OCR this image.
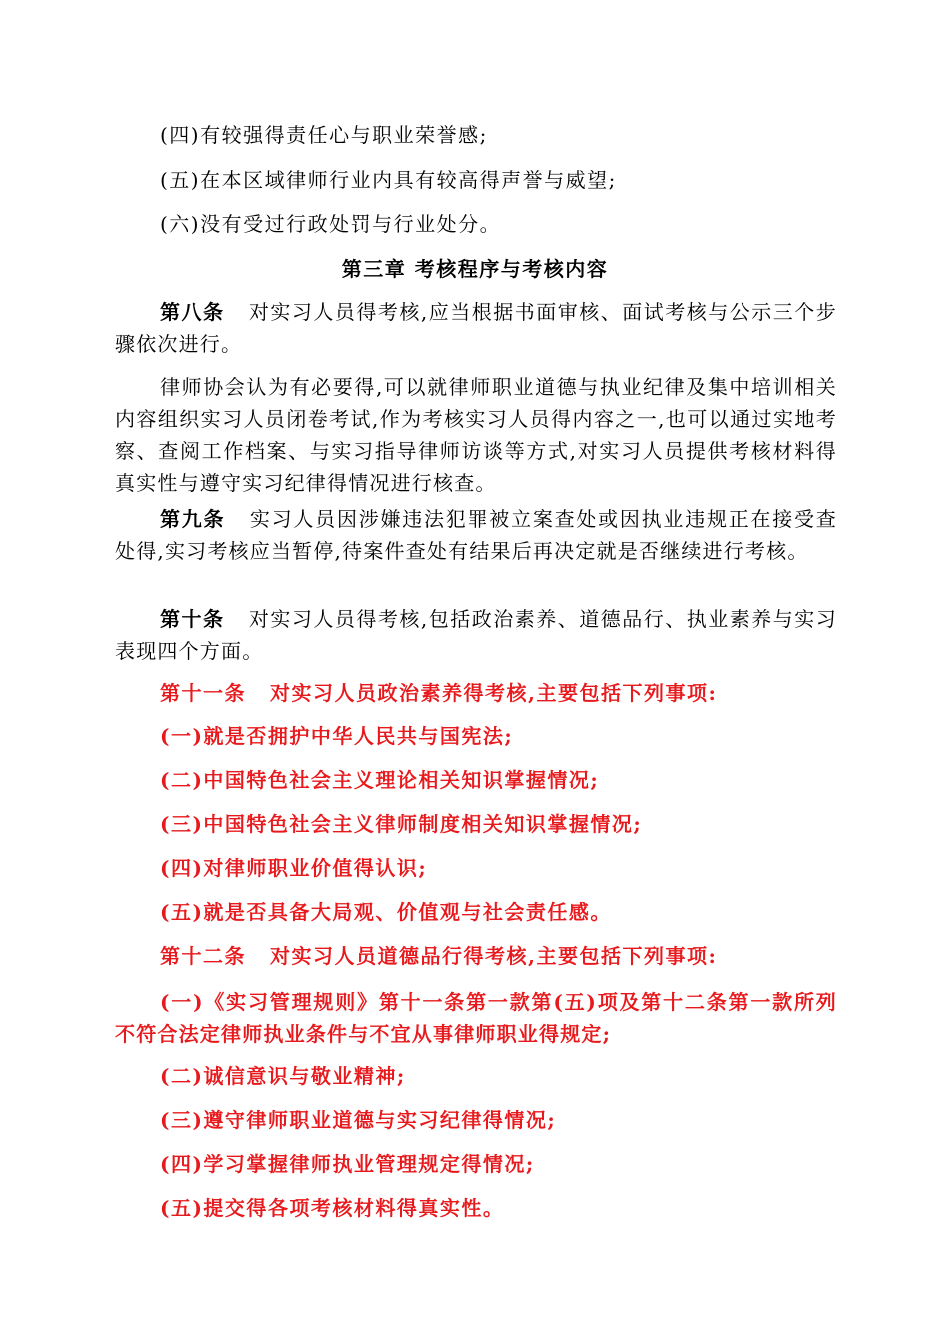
(四)有较强得责任心与职业荣誉感;
(五)在本区域律师行业内具有较高得声誉与威望;
(六)没有受过行政处罚与行业处分。
第三章 考核程序与考核内容
第八条 对实习人员得考核,应当根据书面审核、面试考核与公示三个步骤依次进行。
律师协会认为有必要得,可以就律师职业道德与执业纪律及集中培训相关内容组织实习人员闭卷考试,作为考核实习人员得内容之一,也可以通过实地考察、查阅工作档案、与实习指导律师访谈等方式,对实习人员提供考核材料得真实性与遵守实习纪律得情况进行核查。
第九条 实习人员因涉嫌违法犯罪被立案查处或因执业违规正在接受查处得,实习考核应当暂停,待案件查处有结果后再决定就是否继续进行考核。
第十条 对实习人员得考核,包括政治素养、道德品行、执业素养与实习表现四个方面。
第十一条 对实习人员政治素养得考核,主要包括下列事项:
(一)就是否拥护中华人民共与国宪法;
(二)中国特色社会主义理论相关知识掌握情况;
(三)中国特色社会主义律师制度相关知识掌握情况;
(四)对律师职业价值得认识;
(五)就是否具备大局观、价值观与社会责任感。
第十二条 对实习人员道德品行得考核,主要包括下列事项:
(一)《实习管理规则》第十一条第一款第(五)项及第十二条第一款所列不符合法定律师执业条件与不宜从事律师职业得规定;
(二)诚信意识与敬业精神;
(三)遵守律师职业道德与实习纪律得情况;
(四)学习掌握律师执业管理规定得情况;
(五)提交得各项考核材料得真实性。
